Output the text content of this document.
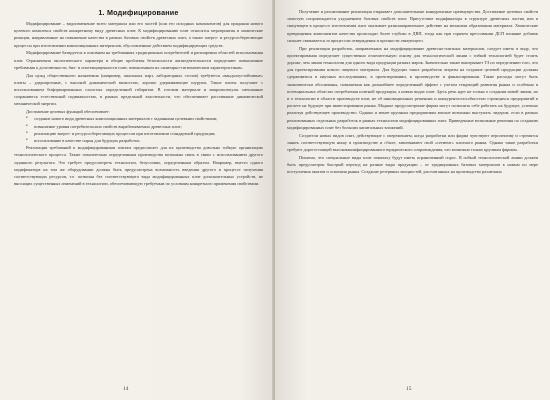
1. Модифицирование

Модифицирование – видоизменение всего материала или его частей (или его исходных компонентов) для придания нового целевого комплекса свойств конкретному виду древесных плит. К модифицированию плит относятся мероприятия и химические реакции, направленные на повышение качества в рамках базовых свойств древесных плит, а также энерго- и ресурсосберегающие процессы при изготовлении композиционных материалов, обусловленные действием модифицирующих средств.

Модифицирование базируется в основном на требованиях традиционных потребителей и расширении областей использования плит. Ограничения экологического характера и общие проблемы безопасности жизнедеятельности определяют повышенные требования к долговечности, био- и огнезащищенности плит, повышенным их санитарно-гигиеническим характеристикам.

Для нужд общественного назначения (например, школьных парт, лабораторных столов) требуются «вандалоустойчивые» плиты – ударопрочные, с высокой динамической вязкостью, хорошо удерживающие шурупы. Такие плиты получают с использованием биформированных слоистых определенной габаритов. В готовом материале и макромолекулы смешанные сохраняются естественной подвижностью, в рамках предельной эластичности, что обеспечивает рассеивание динамической механической энергии.

Достижение целевых функций обеспечивает:

• создание нового вида древесных композиционных материалов с заданными целевыми свойствами;
• повышение уровня потребительских свойств вырабатываемых древесных плит;
• реализацию энерго- и ресурсосберегающих процессов при изготовлении стандартной продукции;
• использование в качестве сырья для будущих разработок.

Реализация требований к модифицированным плитам предполагает для их производства довольно гибкую организацию технологического процесса. Также показательно определенным производства возможна связь в связи с использованием другого заданного результата. Это требует предусмотреть технологии, безусловно, определенным образом. Например, вместо одного модификатора на том же оборудовании должна быть предусмотрена возможность введения другого в процессе получения соответствующих ресурсов, т.е. позволяя без соответствующего вида модифицированных плит дополнительных устройств, не вносящих существенных изменений в технологию, обеспечивающую требуемым по условиям конкретного применения свойствами.

14

Получение и реализование реализация открывает дополнительные конкурентные преимущества. Достижение целевых свойств зачастую сопровождается ухудшением базовых свойств плит. Присутствие модификатора в структуре древесных частиц или в связующем в процессе изготовления плит оказывает разнонаправленное действие на механизм образования материала. Химические превращения компонентов качества происходят более глубоко в ДВП, тогда как при горячем прессовании ДСП влияние добавок сильнее связывается за процессом отверждения и прочности связующего.

При реализации разработок, направленных на модифицирование древесно-плитных материалов, следует иметь в виду, что проектирования определяет существенно отличительную основу для технологической линии с гибкой технологией будет стоить дороже, чем линия технологии для одного вида продукции разных марок. Значительно также выигрывает ТЗ по определению того, что для проектирования нового лицевого материала. Для будущих таких разработок затраты на создание целевой продукции должны сдерживаться в научных исследованиях, в проектировании, в производстве и финансировании. Такие расходы могут быть экономически обоснованы, повышения как дальнейшее определенный эффект с учетом тенденций развития рынка и особенно в потенциальных областях потребления плитной продукции, а новых видах плит. Здесь речь идет не только о создании новой линии, но и о технологии в области производств плит, не об инновационных решениях и конкурентоспособностью строящихся предприятий в расчете на будущее при инвестировании рынка. Модные предусмотрение фирма могут позволить себе работать на будущее, успешно реализуя действующее производство. Однако и менее крупным предприятиям вполне возможно выступать лидером, если в рамках реализованных отдельных разработок в рамках технологии модифицированных плит. Приведенные возможные решения по созданию модифицированных плит без больших капитальных вложений.

Создатели новых видов плит, действующие с опережением, когда разработки или фирма чувствуют перспективу и стремятся занять соответствующую нишу в производстве и сбыте, завоевывают свой «сегмент» плитного рынка. Однако такие разработки требуют дорогостоящей высококвалифицированного юридического сопровождения, что возможно только крупным фирмам.

Понятно, что специальные виды плит поначалу будут иметь ограниченный спрос. В гибкой технологической линии должен быть предусмотрен быстрый переход на разные виды продукции – от традиционных базовых материалов к новым по мере поступления заказов и освоения рынка. Создание резервных мощностей, рассчитанных на производство различных

15
